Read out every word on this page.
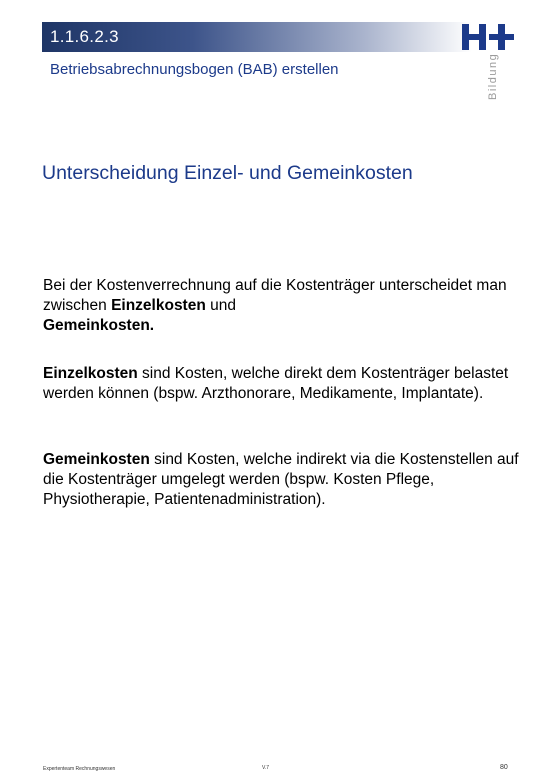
1.1.6.2.3
Betriebsabrechnungsbogen (BAB) erstellen
H+
Bildung
Unterscheidung Einzel- und Gemeinkosten
Bei der Kostenverrechnung auf die Kostenträger unterscheidet man zwischen Einzelkosten und
Gemeinkosten.
Einzelkosten sind Kosten, welche direkt dem Kostenträger belastet werden können (bspw. Arzthonorare, Medikamente, Implantate).
Gemeinkosten sind Kosten, welche indirekt via die Kostenstellen auf die Kostenträger umgelegt werden (bspw. Kosten Pflege, Physiotherapie, Patientenadministration).
Expertenteam Rechnungswesen	V.7	80
